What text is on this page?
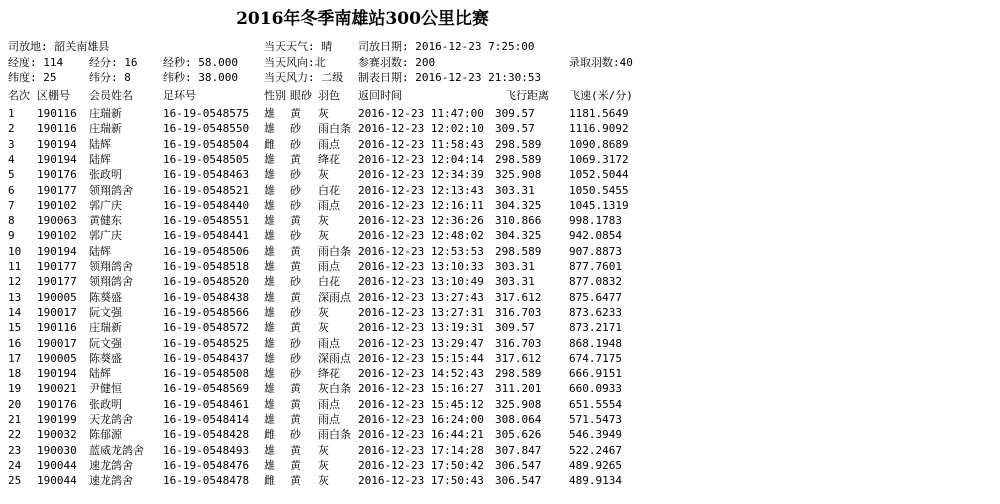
2016年冬季南雄站300公里比赛
司放地: 韶关南雄县	当天天气: 晴 司放日期: 2016-12-23 7:25:00
经度: 114 经分: 16 经秒: 58.000 当天风向:北	参赛羽数: 200	录取羽数:40
纬度: 25	纬分: 8	纬秒: 38.000 当天风力: 二级 制表日期: 2016-12-23 21:30:53
名次 区棚号 会员姓名	足环号	性别 眼砂 羽色 返回时间	飞行距离 飞速(米/分)
1 190116 庄瑞新	16-19-0548575 雄 黄 灰	2016-12-23 11:47:00 309.57	1181.5649
2 190116 庄瑞新	16-19-0548550 雄 砂 雨白条 2016-12-23 12:02:10 309.57	1116.9092
3 190194 陆辉	16-19-0548504 雌 砂 雨点 2016-12-23 11:58:43 298.589	1090.8689
4 190194 陆辉	16-19-0548505 雄 黄 绛花 2016-12-23 12:04:14 298.589	1069.3172
5 190176 张政明	16-19-0548463 雄 砂 灰	2016-12-23 12:34:39 325.908	1052.5044
6 190177 领翔鸽舍	16-19-0548521 雄 砂 白花 2016-12-23 12:13:43 303.31	1050.5455
7 190102 郭广庆	16-19-0548440 雄 砂 雨点 2016-12-23 12:16:11 304.325	1045.1319
8 190063 黄健东	16-19-0548551 雄 黄 灰	2016-12-23 12:36:26 310.866	998.1783
9 190102 郭广庆	16-19-0548441 雄 砂 灰	2016-12-23 12:48:02 304.325	942.0854
10 190194 陆辉	16-19-0548506 雄 黄 雨白条 2016-12-23 12:53:53 298.589	907.8873
11 190177 领翔鸽舍	16-19-0548518 雄 黄 雨点 2016-12-23 13:10:33 303.31	877.7601
12 190177 领翔鸽舍	16-19-0548520 雄 砂 白花 2016-12-23 13:10:49 303.31	877.0832
13 190005 陈葵盛	16-19-0548438 雄 黄 深雨点 2016-12-23 13:27:43 317.612	875.6477
14 190017 阮文强	16-19-0548566 雄 砂 灰	2016-12-23 13:27:31 316.703	873.6233
15 190116 庄瑞新	16-19-0548572 雄 黄 灰	2016-12-23 13:19:31 309.57	873.2171
16 190017 阮文强	16-19-0548525 雄 砂 雨点 2016-12-23 13:29:47 316.703	868.1948
17 190005 陈葵盛	16-19-0548437 雄 砂 深雨点 2016-12-23 15:15:44 317.612	674.7175
18 190194 陆辉	16-19-0548508 雄 砂 绛花 2016-12-23 14:52:43 298.589	666.9151
19 190021 尹健恒	16-19-0548569 雄 黄 灰白条 2016-12-23 15:16:27 311.201	660.0933
20 190176 张政明	16-19-0548461 雄 黄 雨点 2016-12-23 15:45:12 325.908	651.5554
21 190199 天龙鸽舍	16-19-0548414 雄 黄 雨点 2016-12-23 16:24:00 308.064	571.5473
22 190032 陈郁源	16-19-0548428 雌 砂 雨白条 2016-12-23 16:44:21 305.626	546.3949
23 190030 蓝威龙鸽舍 16-19-0548493 雄 黄 灰	2016-12-23 17:14:28 307.847	522.2467
24 190044 速龙鸽舍	16-19-0548476 雄 黄 灰	2016-12-23 17:50:42 306.547	489.9265
25 190044 速龙鸽舍	16-19-0548478 雌 黄 灰	2016-12-23 17:50:43 306.547	489.9134
